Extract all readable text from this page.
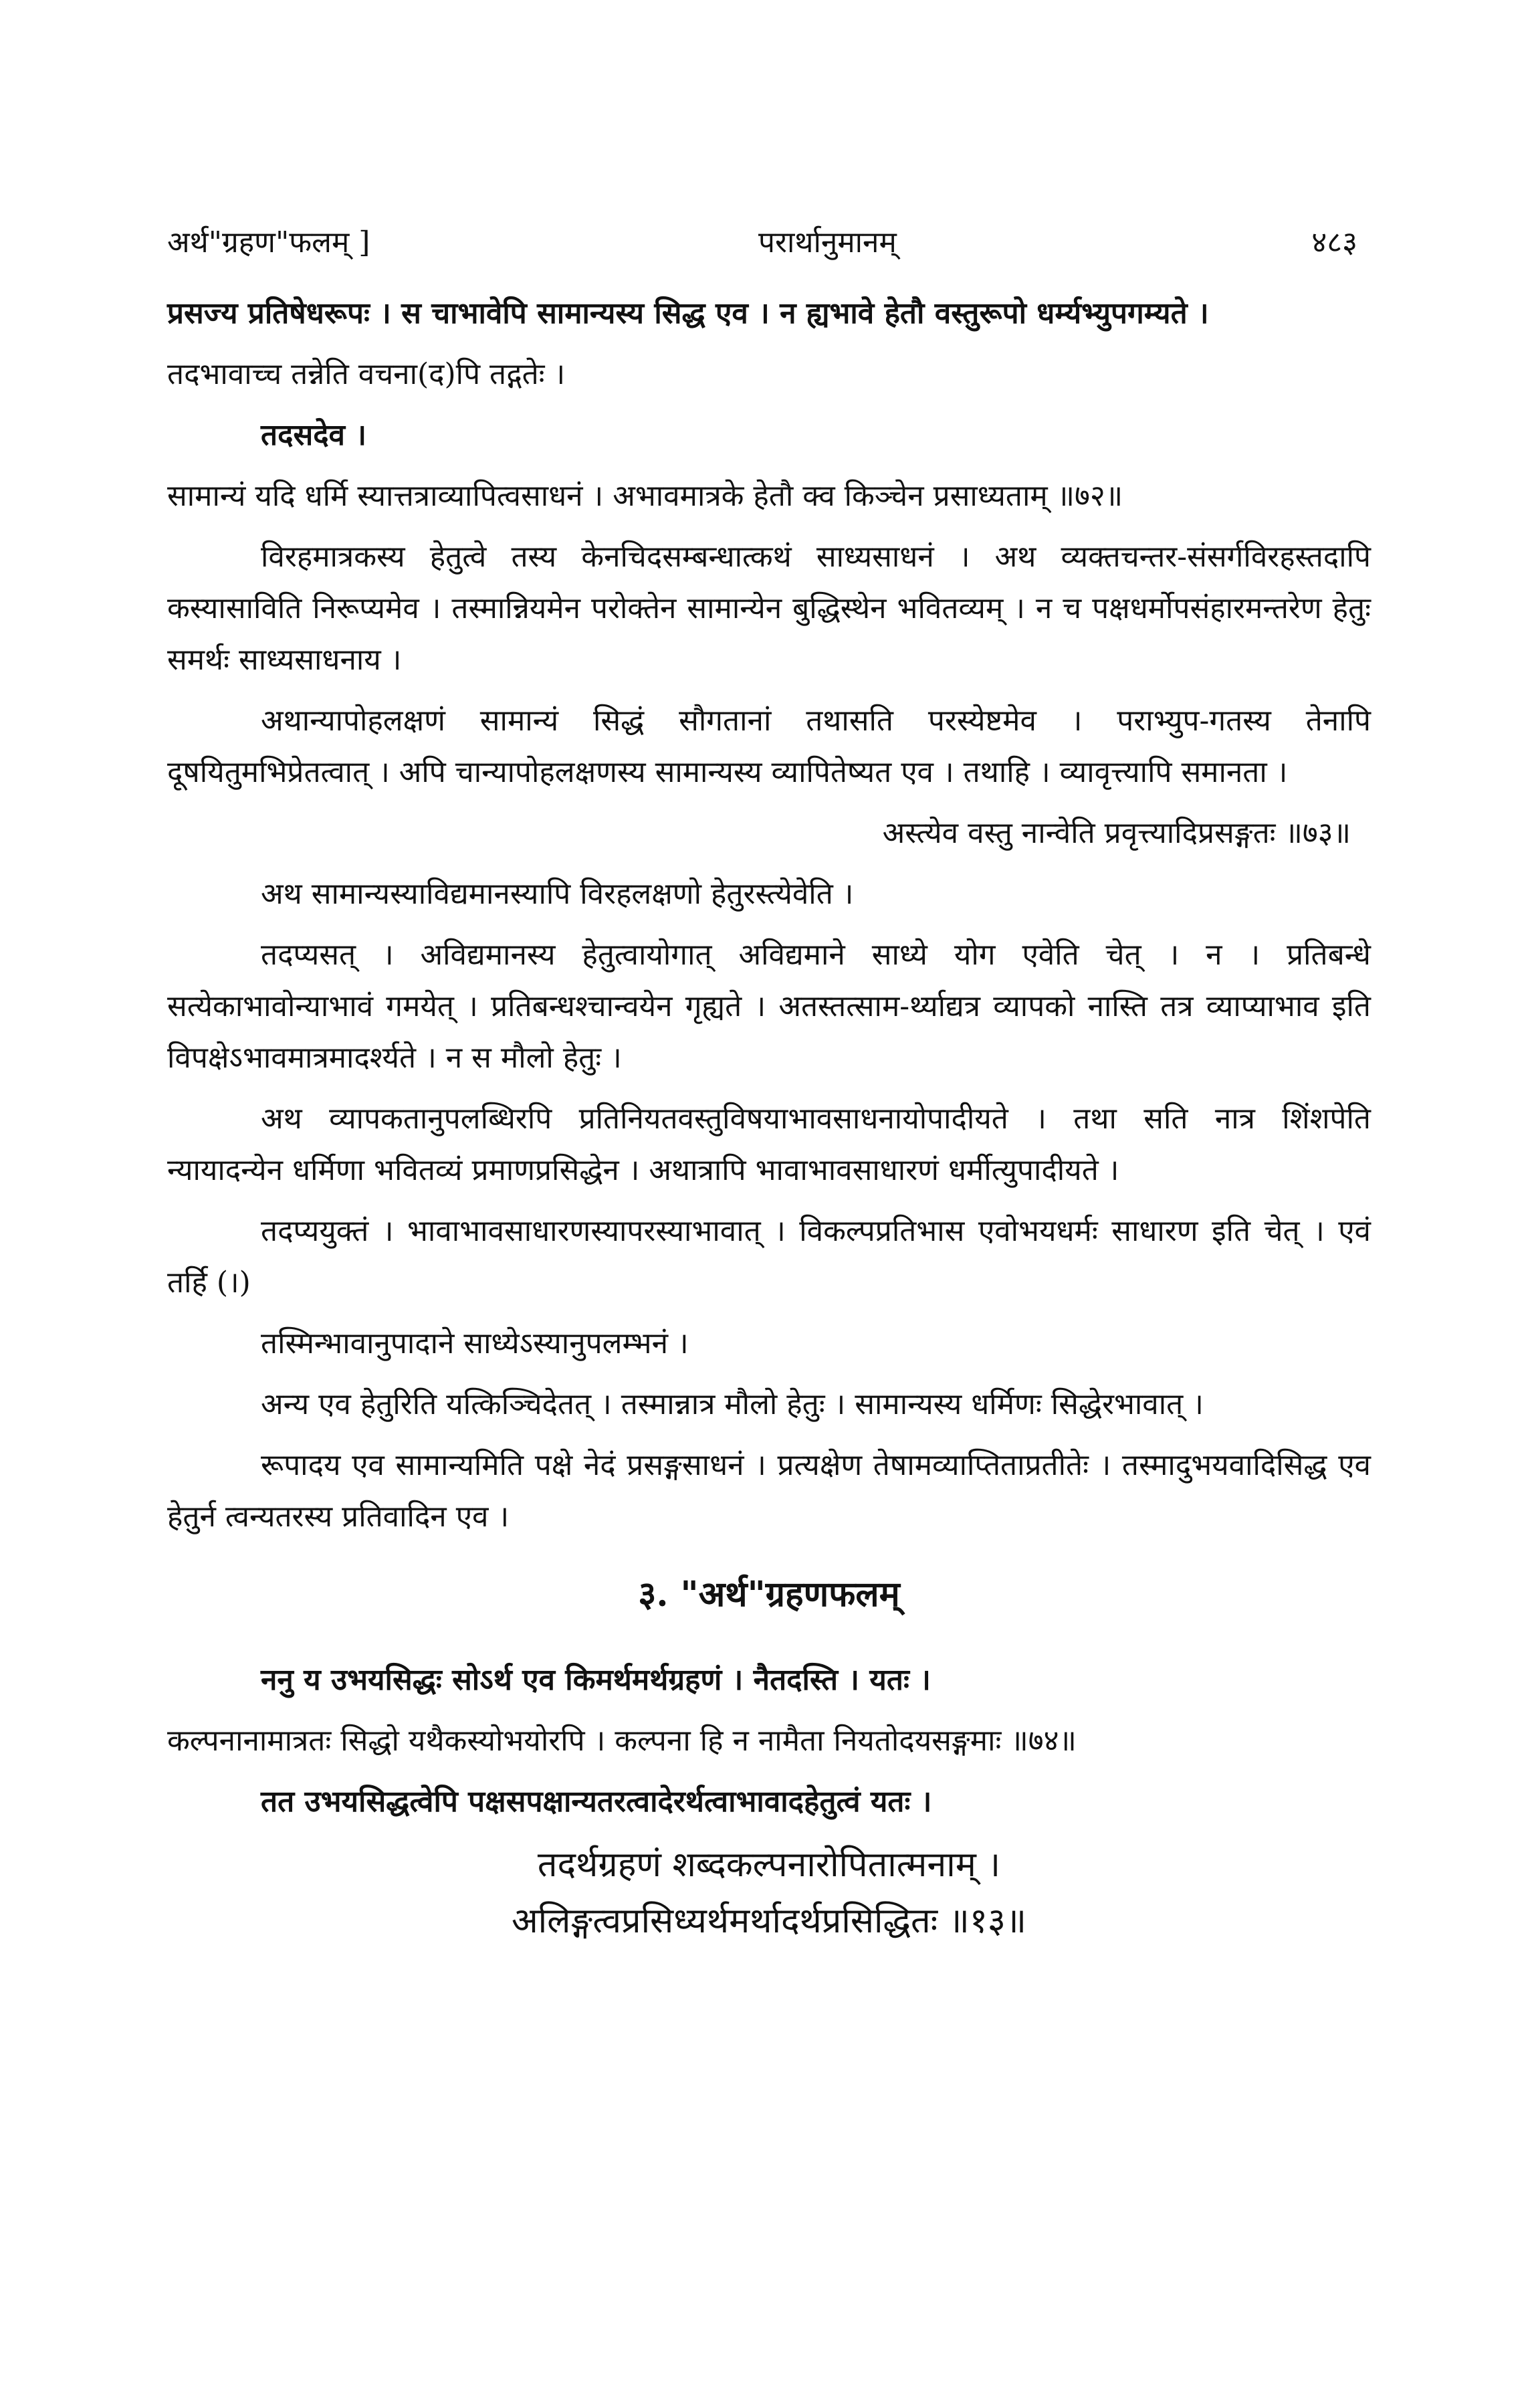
अर्थ"ग्रहण"फलम् ]	परार्थानुमानम्	४८३

प्रसज्य प्रतिषेधरूपः । स चाभावेपि सामान्यस्य सिद्ध एव । न ह्यभावे हेतौ वस्तुरूपो धर्म्यभ्युपगम्यते ।

तदभावाच्च तन्नेति वचना(द)पि तद्गतेः ।

तदसदेव ।

सामान्यं यदि धर्मि स्यात्तत्राव्यापित्वसाधनं । अभावमात्रके हेतौ क्व किञ्चेन प्रसाध्यताम् ॥७२॥

विरहमात्रकस्य हेतुत्वे तस्य केनचिदसम्बन्धात्कथं साध्यसाधनं । अथ व्यक्तचन्तर-संसर्गविरहस्तदापि कस्यासाविति निरूप्यमेव । तस्मान्नियमेन परोक्तेन सामान्येन बुद्धिस्थेन भवितव्यम् । न च पक्षधर्मोपसंहारमन्तरेण हेतुः समर्थः साध्यसाधनाय ।

अथान्यापोहलक्षणं सामान्यं सिद्धं सौगतानां तथासति परस्येष्टमेव । पराभ्युप-गतस्य तेनापि दूषयितुमभिप्रेतत्वात् । अपि चान्यापोहलक्षणस्य सामान्यस्य व्यापितेष्यत एव । तथाहि । व्यावृत्त्यापि समानता ।

अस्त्येव वस्तु नान्वेति प्रवृत्त्यादिप्रसङ्गतः ॥७३॥

अथ सामान्यस्याविद्यमानस्यापि विरहलक्षणो हेतुरस्त्येवेति ।

तदप्यसत् । अविद्यमानस्य हेतुत्वायोगात् अविद्यमाने साध्ये योग एवेति चेत् । न । प्रतिबन्धे सत्येकाभावोन्याभावं गमयेत् । प्रतिबन्धश्चान्वयेन गृह्यते । अतस्तत्साम-र्थ्याद्यत्र व्यापको नास्ति तत्र व्याप्याभाव इति विपक्षेऽभावमात्रमादर्श्यते । न स मौलो हेतुः ।

अथ व्यापकतानुपलब्धिरपि प्रतिनियतवस्तुविषयाभावसाधनायोपादीयते । तथा सति नात्र शिंशपेति न्यायादन्येन धर्मिणा भवितव्यं प्रमाणप्रसिद्धेन । अथात्रापि भावाभावसाधारणं धर्मीत्युपादीयते ।

तदप्ययुक्तं । भावाभावसाधारणस्यापरस्याभावात् । विकल्पप्रतिभास एवोभयधर्मः साधारण इति चेत् । एवं तर्हि (।)

तस्मिन्भावानुपादाने साध्येऽस्यानुपलम्भनं ।

अन्य एव हेतुरिति यत्किञ्चिदेतत् । तस्मान्नात्र मौलो हेतुः । सामान्यस्य धर्मिणः सिद्धेरभावात् ।

रूपादय एव सामान्यमिति पक्षे नेदं प्रसङ्गसाधनं । प्रत्यक्षेण तेषामव्याप्तिताप्रतीतेः । तस्मादुभयवादिसिद्ध एव हेतुर्न त्वन्यतरस्य प्रतिवादिन एव ।

३. "अर्थ"ग्रहणफलम्

ननु य उभयसिद्धः सोऽर्थ एव किमर्थमर्थग्रहणं । नैतदस्ति । यतः ।

कल्पनानामात्रतः सिद्धो यथैकस्योभयोरपि । कल्पना हि न नामैता नियतोदयसङ्गमाः ॥७४॥

तत उभयसिद्धत्वेपि पक्षसपक्षान्यतरत्वादेरर्थत्वाभावादहेतुत्वं यतः ।

तदर्थग्रहणं शब्दकल्पनारोपितात्मनाम् ।
अलिङ्गत्वप्रसिध्यर्थमर्थादर्थप्रसिद्धितः ॥१३॥
